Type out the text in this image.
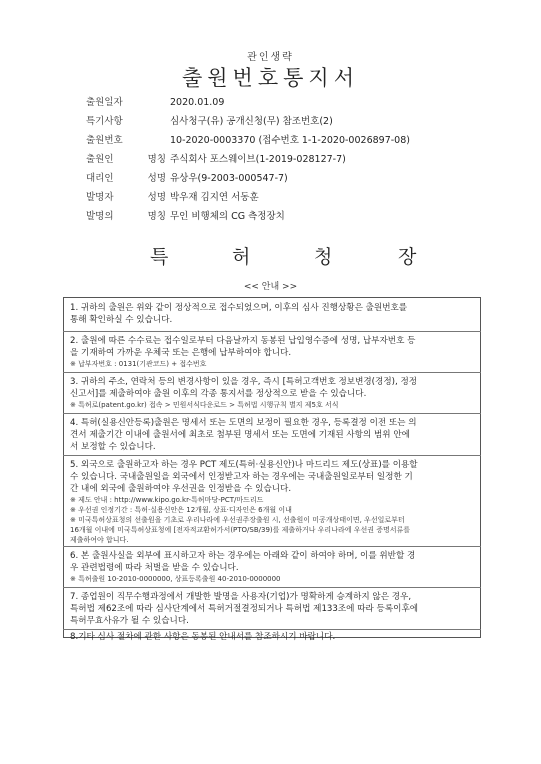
관인생략
출원번호통지서
출원일자	2020.01.09
특기사항	심사청구(유) 공개신청(무) 참조번호(2)
출원번호	10-2020-0003370 (접수번호 1-1-2020-0026897-08)
출원인 명칭 주식회사 포스웨이브(1-2019-028127-7)
대리인 성명 유상우(9-2003-000547-7)
발명자 성명 박우재 김지연 서동훈
발명의 명칭 무인 비행체의 CG 측정장치
특	허	청	장
<< 안내 >>

1. 귀하의 출원은 위와 같이 정상적으로 접수되었으며, 이후의 심사 진행상황은 출원번호를

통해 확인하실 수 있습니다.

2. 출원에 따른 수수료는 접수일로부터 다음날까지 동봉된 납입영수증에 성명, 납부자번호 등

을 기재하여 가까운 우체국 또는 은행에 납부하여야 합니다.

※ 납부자번호 : 0131(기관코드) + 접수번호

3. 귀하의 주소, 연락처 등의 변경사항이 있을 경우, 즉시 [특허고객번호 정보변경(경정), 정정

신고서]를 제출하여야 출원 이후의 각종 통지서를 정상적으로 받을 수 있습니다.

※ 특허로(patent.go.kr) 접속 > 민원서식다운로드 > 특허법 시행규칙 별지 제5호 서식

4. 특허(실용신안등록)출원은 명세서 또는 도면의 보정이 필요한 경우, 등록결정 이전 또는 의

견서 제출기간 이내에 출원서에 최초로 첨부된 명세서 또는 도면에 기재된 사항의 범위 안에

서 보정할 수 있습니다.

5. 외국으로 출원하고자 하는 경우 PCT 제도(특허·실용신안)나 마드리드 제도(상표)를 이용할

수 있습니다. 국내출원일을 외국에서 인정받고자 하는 경우에는 국내출원일로부터 일정한 기

간 내에 외국에 출원하여야 우선권을 인정받을 수 있습니다.

※ 제도 안내 : http://www.kipo.go.kr-특허마당-PCT/마드리드

※ 우선권 인정기간 : 특허·실용신안은 12개월, 상표·디자인은 6개월 이내

※ 미국특허상표청의 선출원을 기초로 우리나라에 우선권주장출원 시, 선출원이 미공개상태이면, 우선일로부터

16개월 이내에 미국특허상표청에 [전자적교환허가서(PTO/SB/39)를 제출하거나 우리나라에 우선권 증명서류를

제출하여야 합니다.

6. 본 출원사실을 외부에 표시하고자 하는 경우에는 아래와 같이 하여야 하며, 이를 위반할 경

우 관련법령에 따라 처벌을 받을 수 있습니다.

※ 특허출원 10-2010-0000000, 상표등록출원 40-2010-0000000

7. 종업원이 직무수행과정에서 개발한 발명을 사용자(기업)가 명확하게 승계하지 않은 경우,

특허법 제62조에 따라 심사단계에서 특허거절결정되거나 특허법 제133조에 따라 등록이후에

특허무효사유가 될 수 있습니다.

8.기타 심사 절차에 관한 사항은 동봉된 안내서를 참조하시기 바랍니다.
